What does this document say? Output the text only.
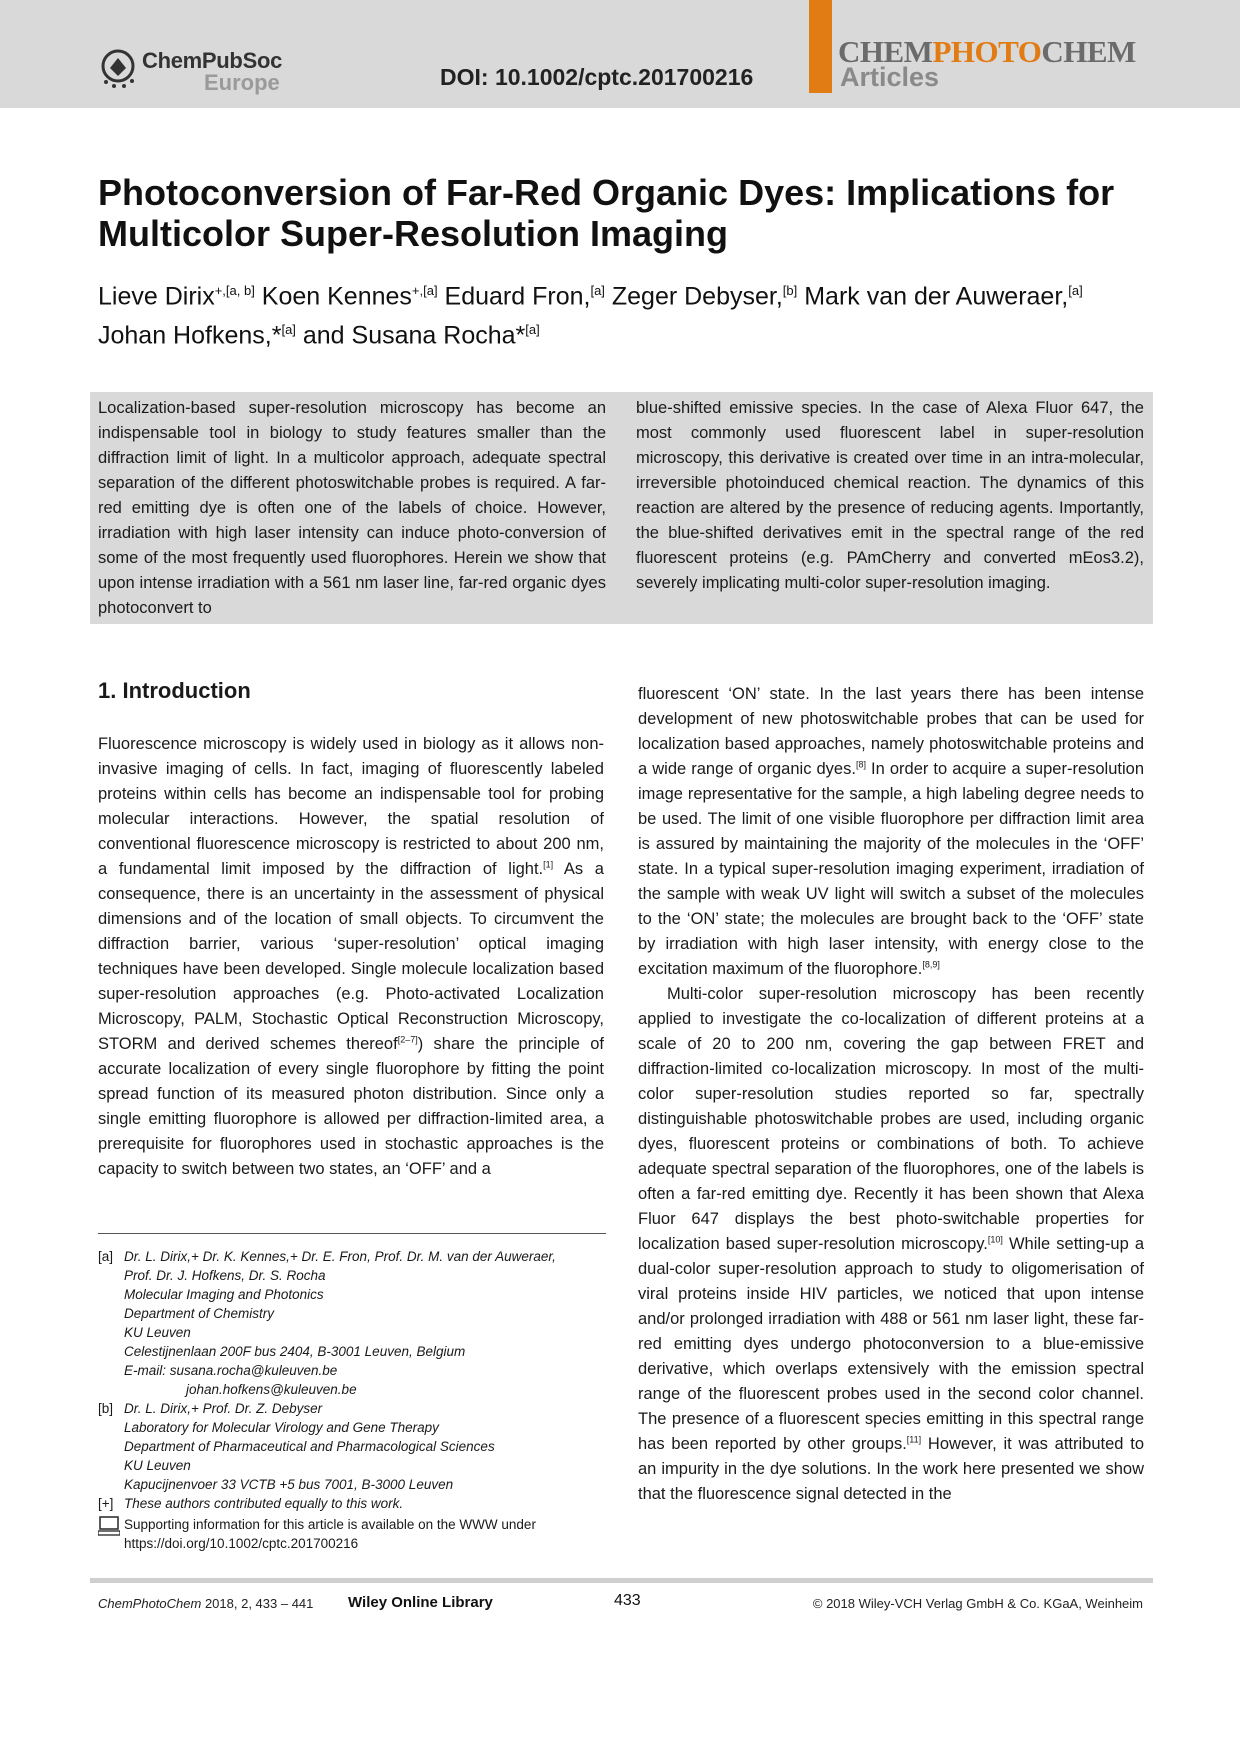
ChemPubSoc
Europe	DOI: 10.1002/cptc.201700216
CHEMPHOTOCHEM
Articles
Photoconversion of Far-Red Organic Dyes: Implications for Multicolor Super-Resolution Imaging

Lieve Dirix$^{+,[a, b]}$ Koen Kennes$^{+,[a]}$ Eduard Fron,[a] Zeger Debyser,[b] Mark van der Auweraer,[a]
Johan Hofkens,*[a] and Susana Rocha*[a]

Localization-based super-resolution microscopy has become an indispensable tool in biology to study features smaller than the diffraction limit of light. In a multicolor approach, adequate spectral separation of the different photoswitchable probes is required. A far-red emitting dye is often one of the labels of choice. However, irradiation with high laser intensity can induce photo-conversion of some of the most frequently used fluorophores. Herein we show that upon intense irradiation with a 561 nm laser line, far-red organic dyes photoconvert to

blue-shifted emissive species. In the case of Alexa Fluor 647, the most commonly used fluorescent label in super-resolution microscopy, this derivative is created over time in an intra-molecular, irreversible photoinduced chemical reaction. The dynamics of this reaction are altered by the presence of reducing agents. Importantly, the blue-shifted derivatives emit in the spectral range of the red fluorescent proteins (e.g. PAmCherry and converted mEos3.2), severely implicating multi-color super-resolution imaging.

1. Introduction

Fluorescence microscopy is widely used in biology as it allows non-invasive imaging of cells. In fact, imaging of fluorescently labeled proteins within cells has become an indispensable tool for probing molecular interactions. However, the spatial resolution of conventional fluorescence microscopy is restricted to about 200 nm, a fundamental limit imposed by the diffraction of light.[1] As a consequence, there is an uncertainty in the assessment of physical dimensions and of the location of small objects. To circumvent the diffraction barrier, various ‘super-resolution’ optical imaging techniques have been developed. Single molecule localization based super-resolution approaches (e.g. Photo-activated Localization Microscopy, PALM, Stochastic Optical Reconstruction Microscopy, STORM and derived schemes thereof[2–7]) share the principle of accurate localization of every single fluorophore by fitting the point spread function of its measured photon distribution. Since only a single emitting fluorophore is allowed per diffraction-limited area, a prerequisite for fluorophores used in stochastic approaches is the capacity to switch between two states, an ‘OFF’ and a

fluorescent ‘ON’ state. In the last years there has been intense development of new photoswitchable probes that can be used for localization based approaches, namely photoswitchable proteins and a wide range of organic dyes.[8] In order to acquire a super-resolution image representative for the sample, a high labeling degree needs to be used. The limit of one visible fluorophore per diffraction limit area is assured by maintaining the majority of the molecules in the ‘OFF’ state. In a typical super-resolution imaging experiment, irradiation of the sample with weak UV light will switch a subset of the molecules to the ‘ON’ state; the molecules are brought back to the ‘OFF’ state by irradiation with high laser intensity, with energy close to the excitation maximum of the fluorophore.[8,9]

Multi-color super-resolution microscopy has been recently applied to investigate the co-localization of different proteins at a scale of 20 to 200 nm, covering the gap between FRET and diffraction-limited co-localization microscopy. In most of the multi-color super-resolution studies reported so far, spectrally distinguishable photoswitchable probes are used, including organic dyes, fluorescent proteins or combinations of both. To achieve adequate spectral separation of the fluorophores, one of the labels is often a far-red emitting dye. Recently it has been shown that Alexa Fluor 647 displays the best photo-switchable properties for localization based super-resolution microscopy.[10] While setting-up a dual-color super-resolution approach to study to oligomerisation of viral proteins inside HIV particles, we noticed that upon intense and/or prolonged irradiation with 488 or 561 nm laser light, these far-red emitting dyes undergo photoconversion to a blue-emissive derivative, which overlaps extensively with the emission spectral range of the fluorescent probes used in the second color channel. The presence of a fluorescent species emitting in this spectral range has been reported by other groups.[11] However, it was attributed to an impurity in the dye solutions. In the work here presented we show that the fluorescence signal detected in the

[a] Dr. L. Dirix,+ Dr. K. Kennes,+ Dr. E. Fron, Prof. Dr. M. van der Auweraer,
Prof. Dr. J. Hofkens, Dr. S. Rocha
Molecular Imaging and Photonics
Department of Chemistry
KU Leuven
Celestijnenlaan 200F bus 2404, B-3001 Leuven, Belgium
E-mail: susana.rocha@kuleuven.be
johan.hofkens@kuleuven.be
[b] Dr. L. Dirix,+ Prof. Dr. Z. Debyser
Laboratory for Molecular Virology and Gene Therapy
Department of Pharmaceutical and Pharmacological Sciences
KU Leuven
Kapucijnenvoer 33 VCTB +5 bus 7001, B-3000 Leuven
[+] These authors contributed equally to this work.
Supporting information for this article is available on the WWW under https://doi.org/10.1002/cptc.201700216
ChemPhotoChem 2018, 2, 433 – 441 Wiley Online Library	433	© 2018 Wiley-VCH Verlag GmbH & Co. KGaA, Weinheim
